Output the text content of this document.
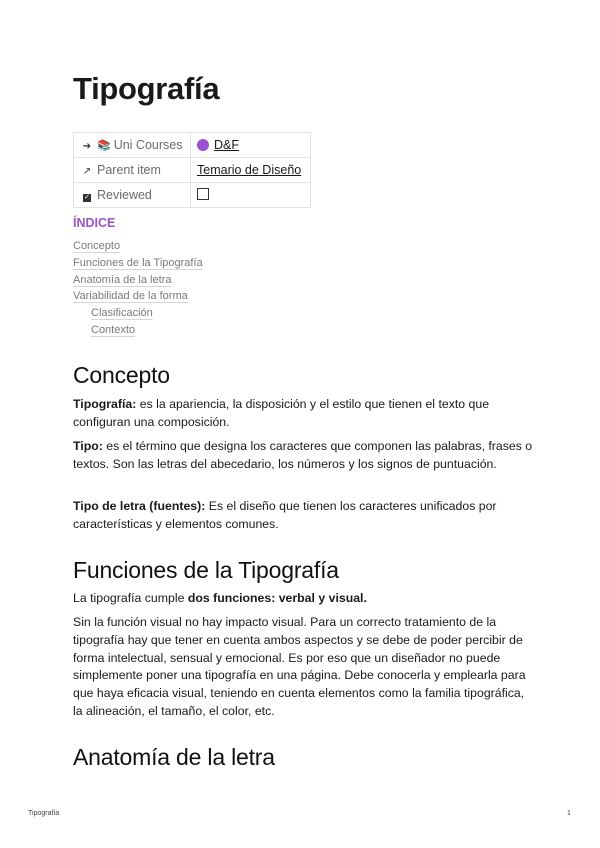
Tipografía
➔ 📚 Uni Courses	D&F
↗ Parent item	Temario de Diseño
✓ Reviewed	
ÍNDICE
Concepto
Funciones de la Tipografía
Anatomía de la letra
Variabilidad de la forma
Clasificación
Contexto
Concepto

Tipografía: es la apariencia, la disposición y el estilo que tienen el texto que configuran una composición.

Tipo: es el término que designa los caracteres que componen las palabras, frases o textos. Son las letras del abecedario, los números y los signos de puntuación.

Tipo de letra (fuentes): Es el diseño que tienen los caracteres unificados por características y elementos comunes.

Funciones de la Tipografía

La tipografía cumple dos funciones: verbal y visual.

Sin la función visual no hay impacto visual. Para un correcto tratamiento de la tipografía hay que tener en cuenta ambos aspectos y se debe de poder percibir de forma intelectual, sensual y emocional. Es por eso que un diseñador no puede simplemente poner una tipografía en una página. Debe conocerla y emplearla para que haya eficacia visual, teniendo en cuenta elementos como la familia tipográfica, la alineación, el tamaño, el color, etc.

Anatomía de la letra
Tipografía	1
